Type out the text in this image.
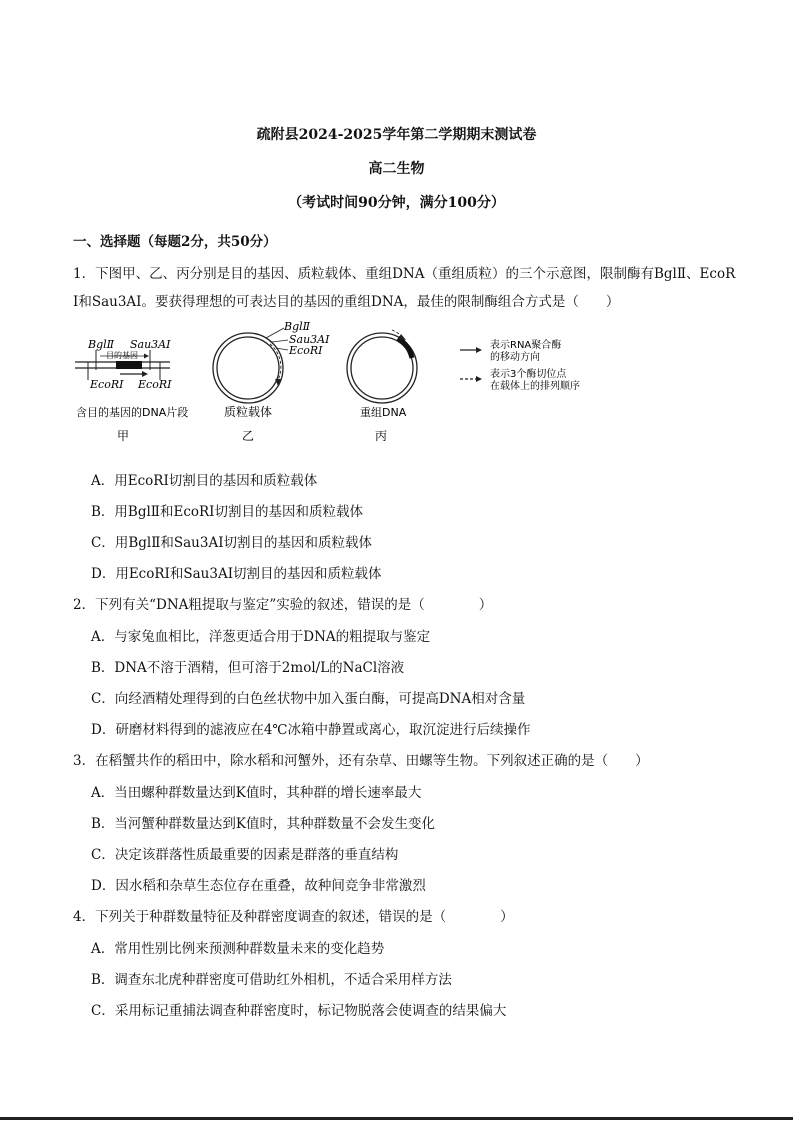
疏附县2024-2025学年第二学期期末测试卷
高二生物
（考试时间90分钟，满分100分）
一、选择题（每题2分，共50分）
1．下图甲、乙、丙分别是目的基因、质粒载体、重组DNA（重组质粒）的三个示意图，限制酶有BglⅡ、EcoR
Ⅰ和Sau3AⅠ。要获得理想的可表达目的基因的重组DNA，最佳的限制酶组合方式是（　　）
BglⅡ Sau3AⅠ
目的基因
EcoRⅠ EcoRⅠ
含目的基因的DNA片段
甲
BglⅡ
Sau3AⅠ
EcoRⅠ
质粒载体
乙
重组DNA
丙
表示RNA聚合酶
的移动方向
表示3个酶切位点
在载体上的排列顺序
A．用EcoRⅠ切割目的基因和质粒载体
B．用BglⅡ和EcoRⅠ切割目的基因和质粒载体
C．用BglⅡ和Sau3AⅠ切割目的基因和质粒载体
D．用EcoRⅠ和Sau3AⅠ切割目的基因和质粒载体
2．下列有关“DNA粗提取与鉴定”实验的叙述，错误的是（　　　　）
A．与家兔血相比，洋葱更适合用于DNA的粗提取与鉴定
B．DNA不溶于酒精，但可溶于2mol/L的NaCl溶液
C．向经酒精处理得到的白色丝状物中加入蛋白酶，可提高DNA相对含量
D．研磨材料得到的滤液应在4℃冰箱中静置或离心，取沉淀进行后续操作
3．在稻蟹共作的稻田中，除水稻和河蟹外，还有杂草、田螺等生物。下列叙述正确的是（　　）
A．当田螺种群数量达到K值时，其种群的增长速率最大
B．当河蟹种群数量达到K值时，其种群数量不会发生变化
C．决定该群落性质最重要的因素是群落的垂直结构
D．因水稻和杂草生态位存在重叠，故种间竞争非常激烈
4．下列关于种群数量特征及种群密度调查的叙述，错误的是（　　　　）
A．常用性别比例来预测种群数量未来的变化趋势
B．调查东北虎种群密度可借助红外相机，不适合采用样方法
C．采用标记重捕法调查种群密度时，标记物脱落会使调查的结果偏大
